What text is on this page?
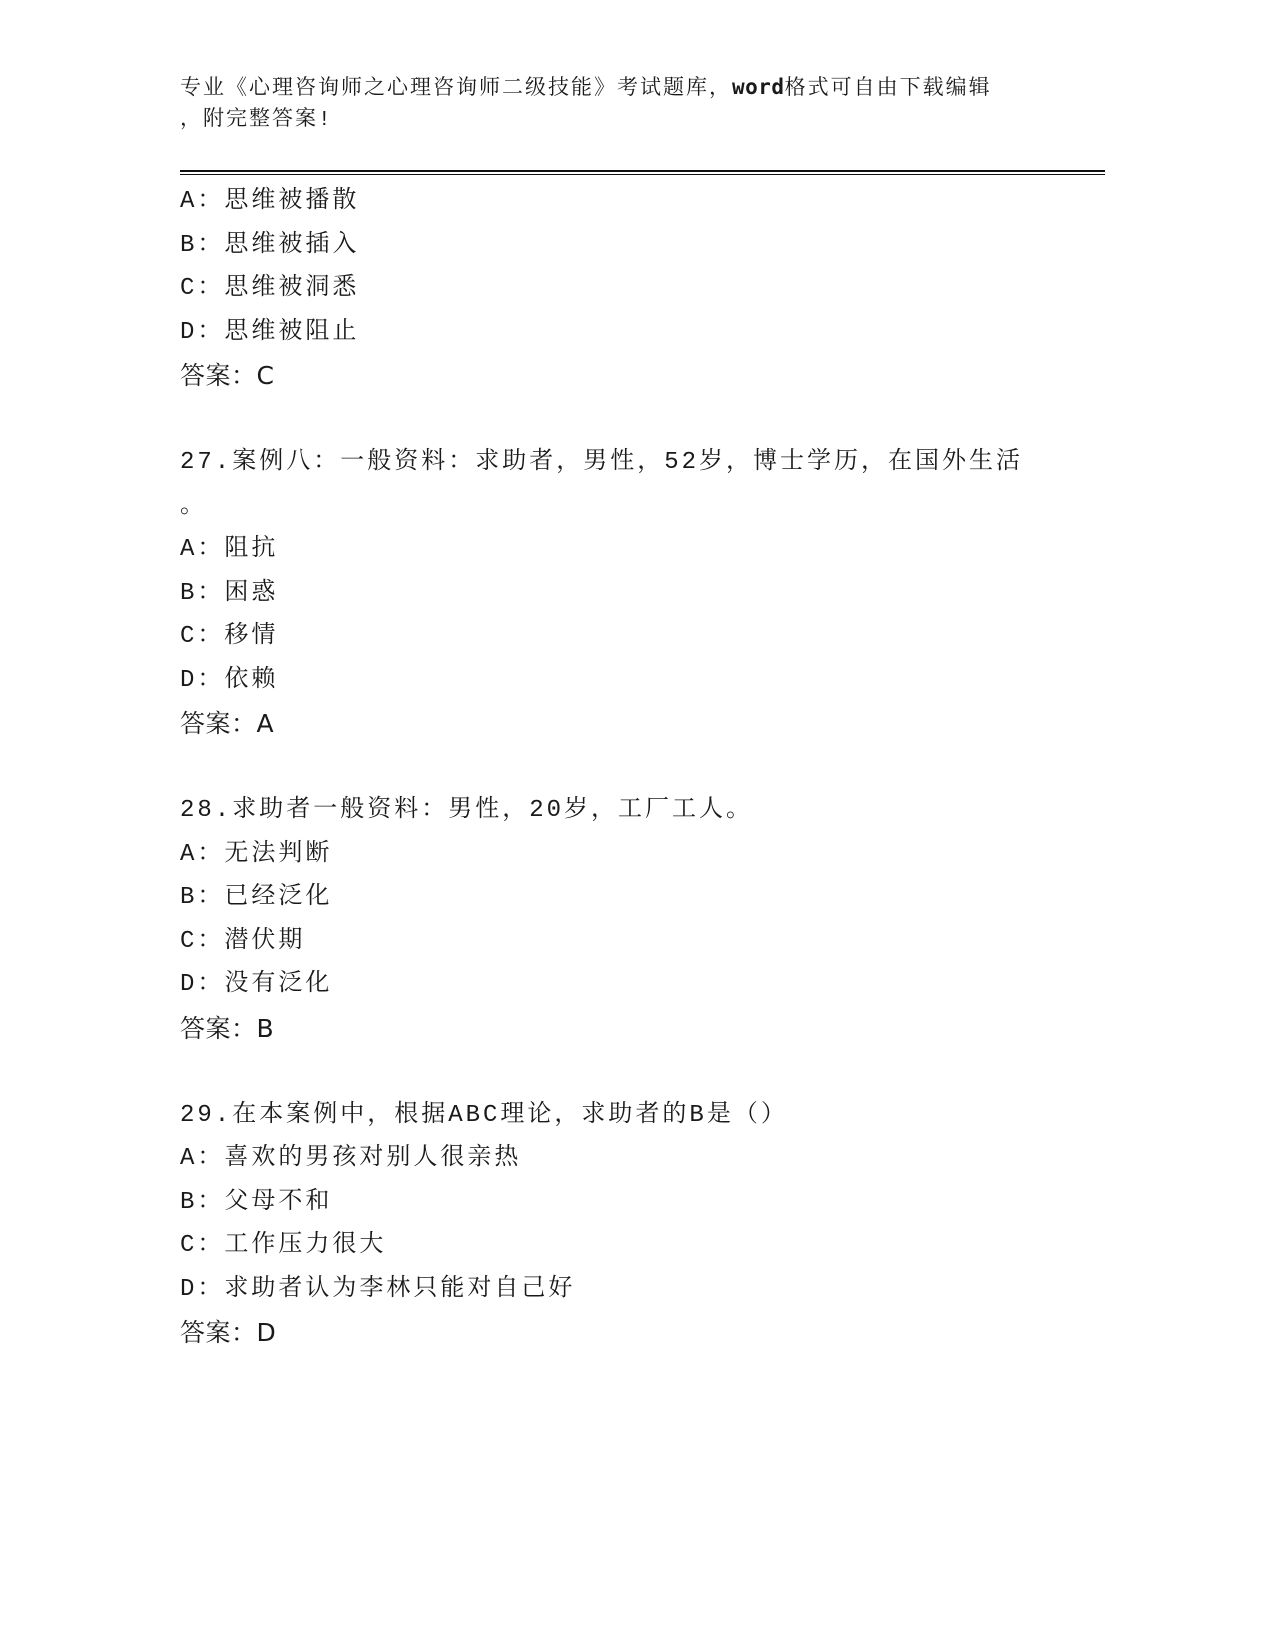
专业《心理咨询师之心理咨询师二级技能》考试题库，word格式可自由下载编辑
，附完整答案!
A：思维被播散
B：思维被插入
C：思维被洞悉
D：思维被阻止
答案：C
27.案例八：一般资料：求助者，男性，52岁，博士学历，在国外生活
。
A：阻抗
B：困惑
C：移情
D：依赖
答案：A
28.求助者一般资料：男性，20岁，工厂工人。
A：无法判断
B：已经泛化
C：潜伏期
D：没有泛化
答案：B
29.在本案例中，根据ABC理论，求助者的B是（）
A：喜欢的男孩对别人很亲热
B：父母不和
C：工作压力很大
D：求助者认为李林只能对自己好
答案：D
